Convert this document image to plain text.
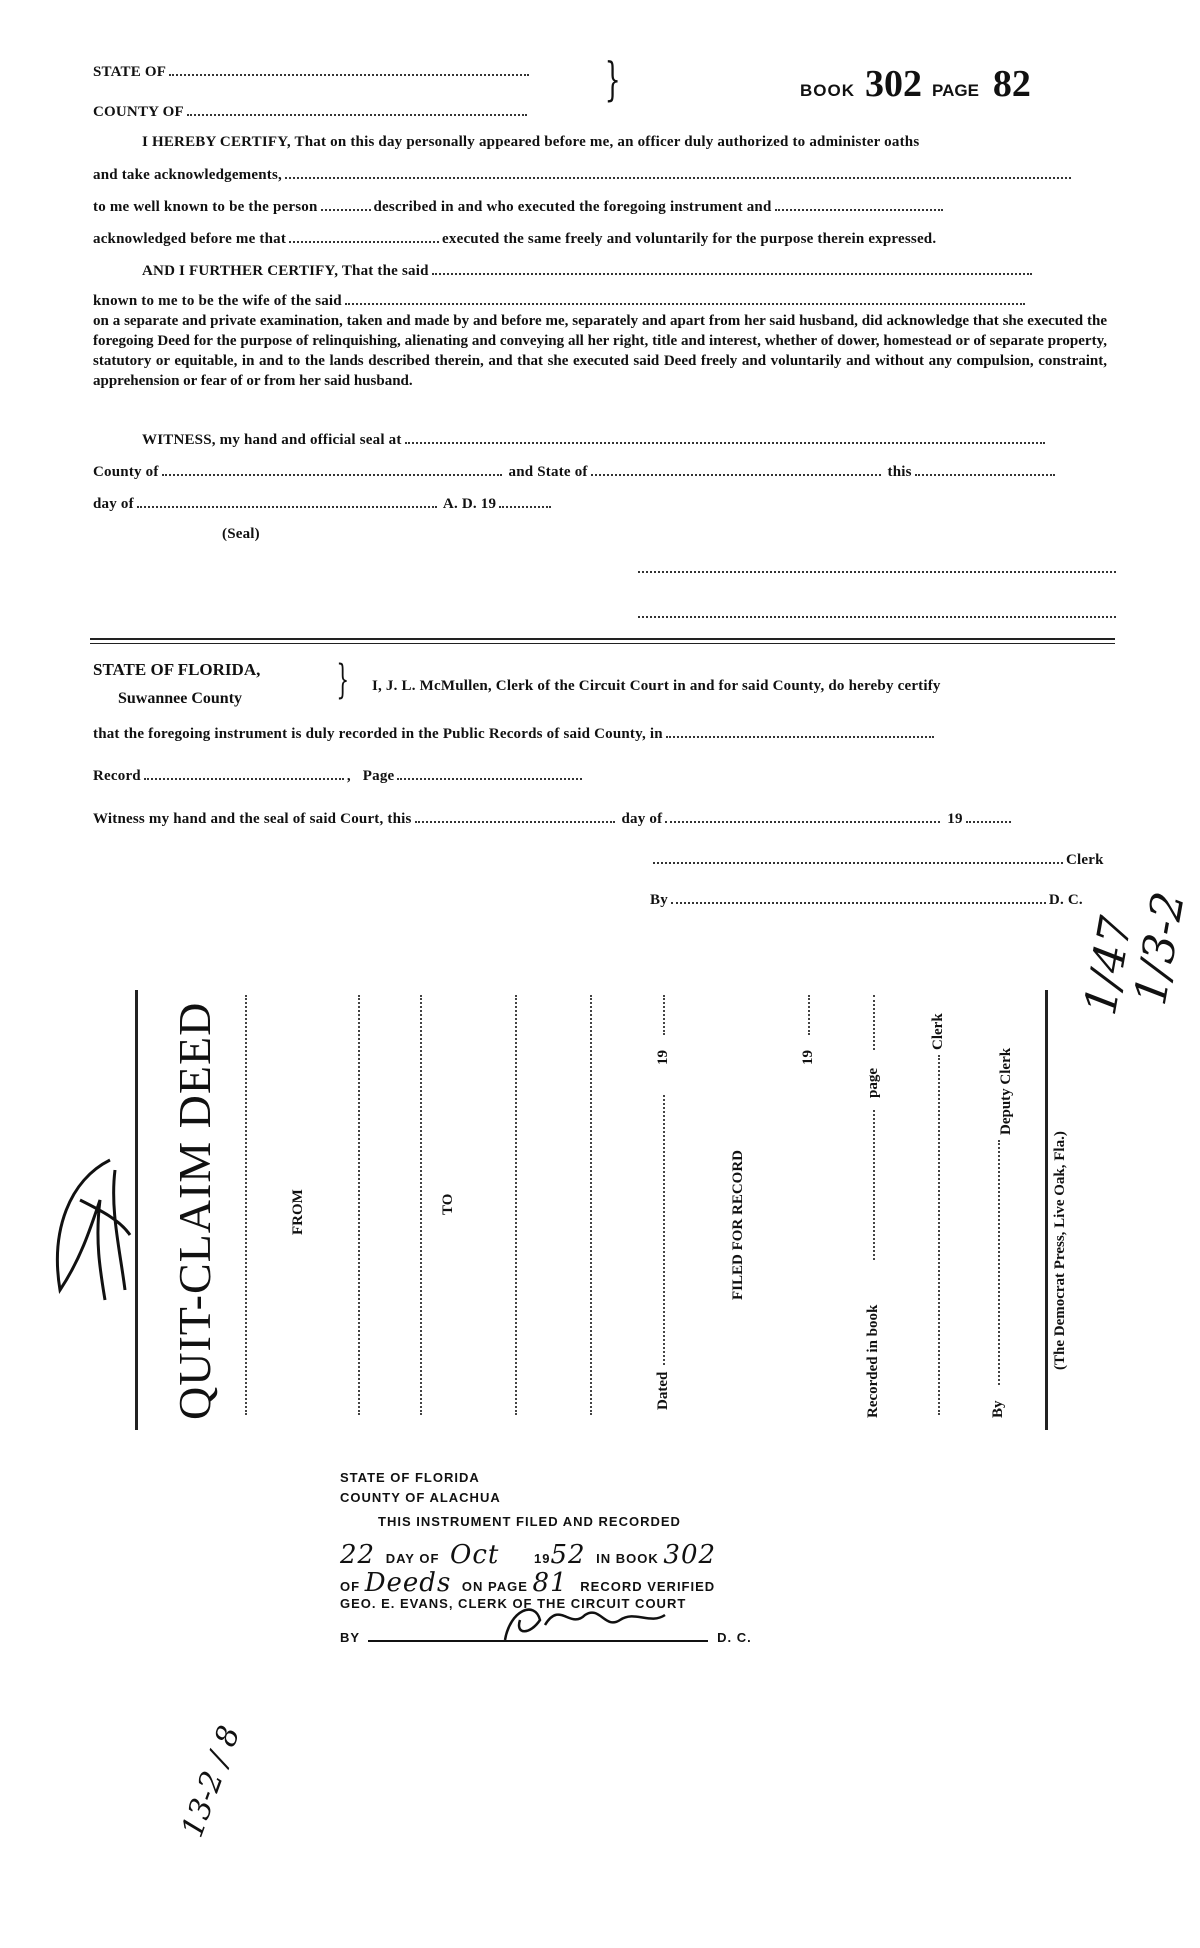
STATE OF
COUNTY OF
}	BOOK 302 PAGE 82
I HEREBY CERTIFY, That on this day personally appeared before me, an officer duly authorized to administer oaths
and take acknowledgements,
to me well known to be the person	described in and who executed the foregoing instrument and
acknowledged before me that	executed the same freely and voluntarily for the purpose therein expressed.
AND I FURTHER CERTIFY, That the said
known to me to be the wife of the said
on a separate and private examination, taken and made by and before me, separately and apart from her said husband, did acknowledge that she executed the foregoing Deed for the purpose of relinquishing, alienating and conveying all her right, title and interest, whether of dower, homestead or of separate property, statutory or equitable, in and to the lands described therein, and that she executed said Deed freely and voluntarily and without any compulsion, constraint, apprehension or fear of or from her said husband.
WITNESS, my hand and official seal at
County of	and State of	this
day of	A. D. 19
(Seal)
STATE OF FLORIDA,
Suwannee County } I, J. L. McMullen, Clerk of the Circuit Court in and for said County, do hereby certify
that the foregoing instrument is duly recorded in the Public Records of said County, in
Record	, Page
Witness my hand and the seal of said Court, this	day of	19
Clerk
By	D. C.
QUIT-CLAIM DEED	FROM	TO
Dated
19
FILED FOR RECORD
19
Recorded in book
page
Clerk
By
Deputy Clerk
(The Democrat Press, Live Oak, Fla.)
1/47
1/3-2
STATE OF FLORIDA
COUNTY OF ALACHUA
THIS INSTRUMENT FILED AND RECORDED
22 DAY OF Oct	1952 IN BOOK 302
OF Deeds ON PAGE 81 RECORD VERIFIED
GEO. E. EVANS, CLERK OF THE CIRCUIT COURT
BY	D. C.
13-2 / 8
